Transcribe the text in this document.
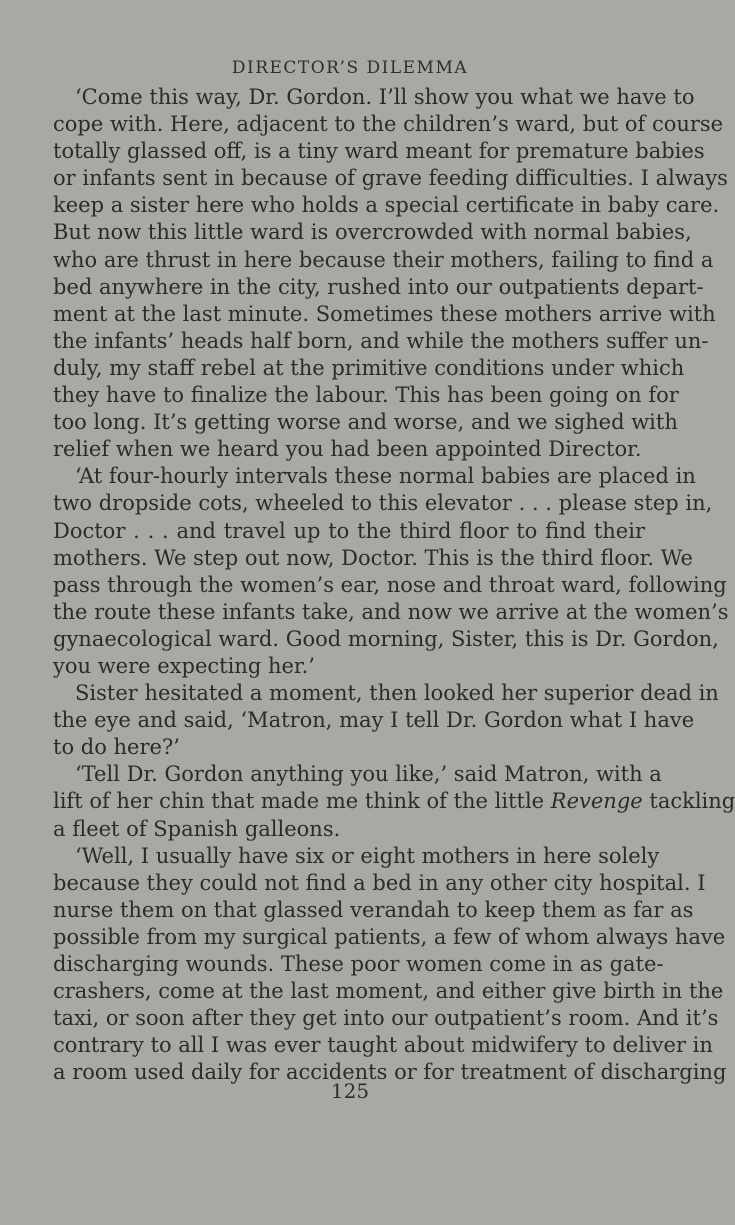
DIRECTOR’S DILEMMA
‘Come this way, Dr. Gordon. I’ll show you what we have to
cope with. Here, adjacent to the children’s ward, but of course
totally glassed off, is a tiny ward meant for premature babies
or infants sent in because of grave feeding difficulties. I always
keep a sister here who holds a special certificate in baby care.
But now this little ward is overcrowded with normal babies,
who are thrust in here because their mothers, failing to find a
bed anywhere in the city, rushed into our outpatients depart-
ment at the last minute. Sometimes these mothers arrive with
the infants’ heads half born, and while the mothers suffer un-
duly, my staff rebel at the primitive conditions under which
they have to finalize the labour. This has been going on for
too long. It’s getting worse and worse, and we sighed with
relief when we heard you had been appointed Director.
‘At four-hourly intervals these normal babies are placed in
two dropside cots, wheeled to this elevator . . . please step in,
Doctor . . . and travel up to the third floor to find their
mothers. We step out now, Doctor. This is the third floor. We
pass through the women’s ear, nose and throat ward, following
the route these infants take, and now we arrive at the women’s
gynaecological ward. Good morning, Sister, this is Dr. Gordon,
you were expecting her.’
Sister hesitated a moment, then looked her superior dead in
the eye and said, ‘Matron, may I tell Dr. Gordon what I have
to do here?’
‘Tell Dr. Gordon anything you like,’ said Matron, with a
lift of her chin that made me think of the little Revenge tackling
a fleet of Spanish galleons.
‘Well, I usually have six or eight mothers in here solely
because they could not find a bed in any other city hospital. I
nurse them on that glassed verandah to keep them as far as
possible from my surgical patients, a few of whom always have
discharging wounds. These poor women come in as gate-
crashers, come at the last moment, and either give birth in the
taxi, or soon after they get into our outpatient’s room. And it’s
contrary to all I was ever taught about midwifery to deliver in
a room used daily for accidents or for treatment of discharging
125
